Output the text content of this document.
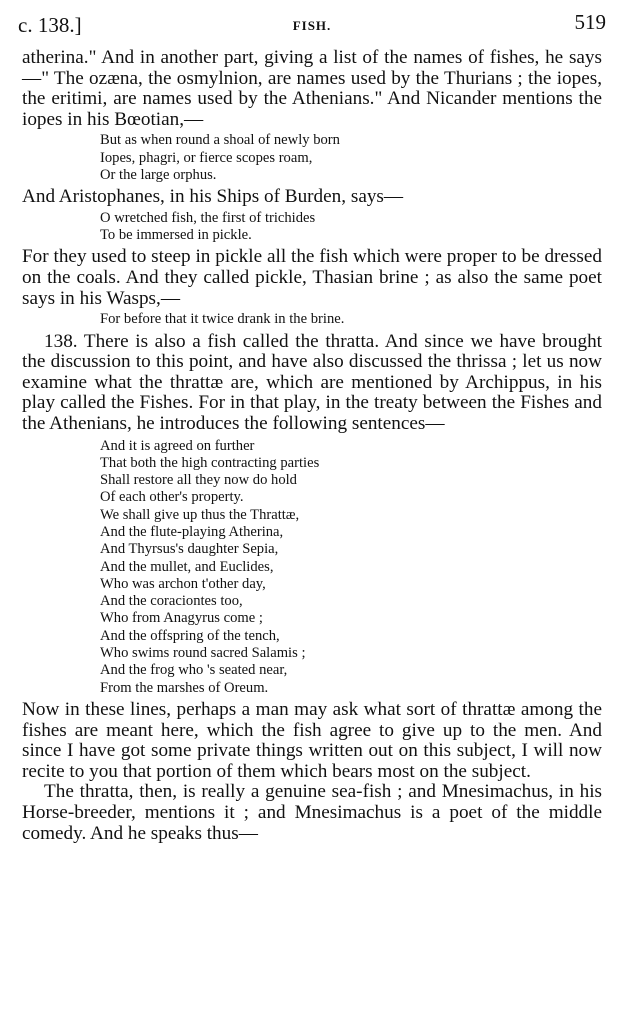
c. 138.]	FISH.	519

atherina." And in another part, giving a list of the names of fishes, he says—" The ozæna, the osmylnion, are names used by the Thurians ; the iopes, the eritimi, are names used by the Athenians." And Nicander mentions the iopes in his Bœotian,—

But as when round a shoal of newly born
Iopes, phagri, or fierce scopes roam,
Or the large orphus.

And Aristophanes, in his Ships of Burden, says—

O wretched fish, the first of trichides
To be immersed in pickle.

For they used to steep in pickle all the fish which were proper to be dressed on the coals. And they called pickle, Thasian brine ; as also the same poet says in his Wasps,—

For before that it twice drank in the brine.

138. There is also a fish called the thratta. And since we have brought the discussion to this point, and have also discussed the thrissa ; let us now examine what the thrattæ are, which are mentioned by Archippus, in his play called the Fishes. For in that play, in the treaty between the Fishes and the Athenians, he introduces the following sentences—

And it is agreed on further
That both the high contracting parties
Shall restore all they now do hold
Of each other's property.
We shall give up thus the Thrattæ,
And the flute-playing Atherina,
And Thyrsus's daughter Sepia,
And the mullet, and Euclides,
Who was archon t'other day,
And the coraciontes too,
Who from Anagyrus come ;
And the offspring of the tench,
Who swims round sacred Salamis ;
And the frog who 's seated near,
From the marshes of Oreum.

Now in these lines, perhaps a man may ask what sort of thrattæ among the fishes are meant here, which the fish agree to give up to the men. And since I have got some private things written out on this subject, I will now recite to you that portion of them which bears most on the subject.

The thratta, then, is really a genuine sea-fish ; and Mnesimachus, in his Horse-breeder, mentions it ; and Mnesimachus is a poet of the middle comedy. And he speaks thus—
